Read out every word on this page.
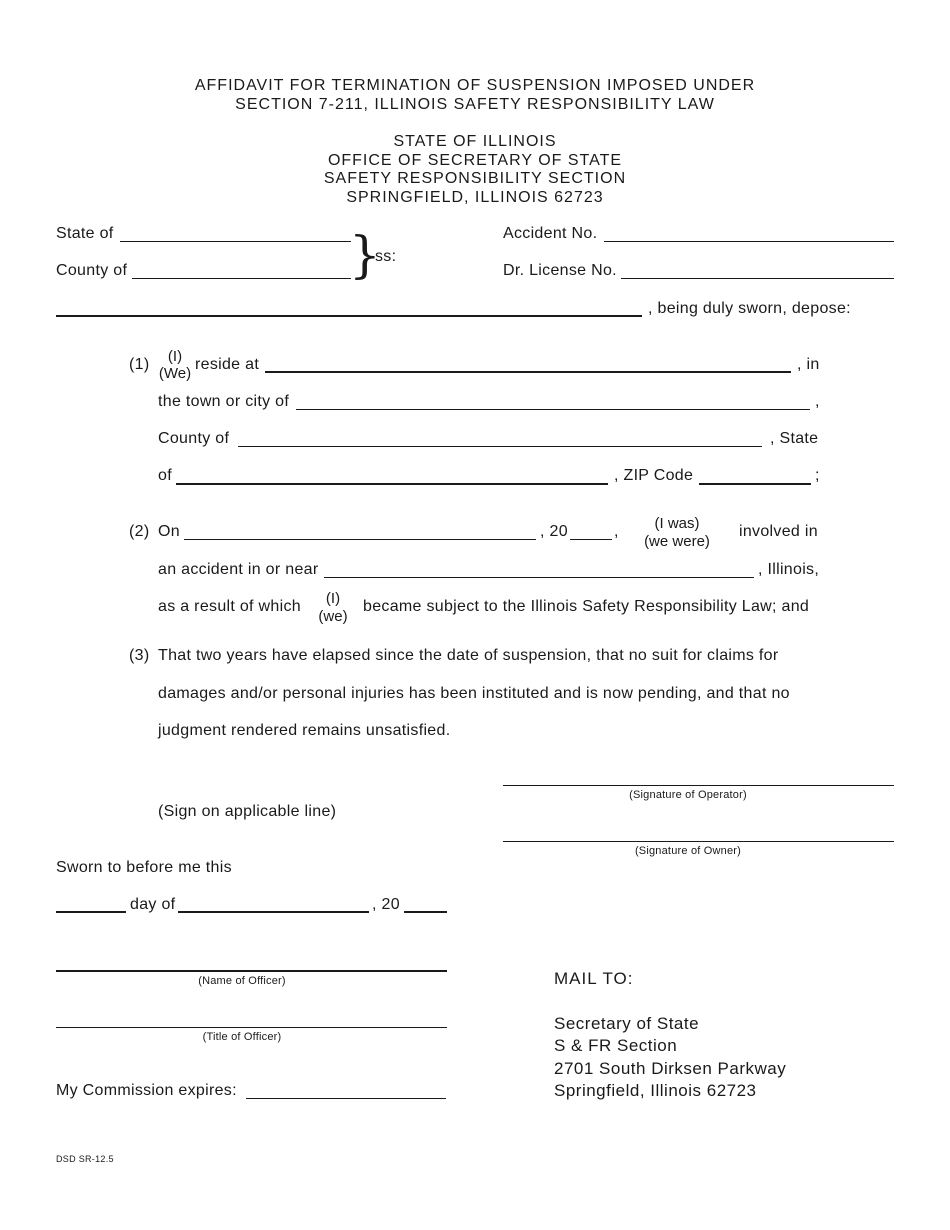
AFFIDAVIT FOR TERMINATION OF SUSPENSION IMPOSED UNDER
SECTION 7-211, ILLINOIS SAFETY RESPONSIBILITY LAW
STATE OF ILLINOIS
OFFICE OF SECRETARY OF STATE
SAFETY RESPONSIBILITY SECTION
SPRINGFIELD, ILLINOIS 62723
State of
County of	}
ss:
Accident No.
Dr. License No.
, being duly sworn, depose:
(1)	(I)
(We)
reside at	, in
the town or city of	,
County of	, State
of	, ZIP Code	;
(2) On	, 20	,	(I was)
(we were)
involved in
an accident in or near	, Illinois,
as a result of which	(I)
(we)
became subject to the Illinois Safety Responsibility Law; and
(3) That two years have elapsed since the date of suspension, that no suit for claims for
damages and/or personal injuries has been instituted and is now pending, and that no
judgment rendered remains unsatisfied.
(Signature of Operator)
(Sign on applicable line)
(Signature of Owner)
Sworn to before me this
day of	, 20
(Name of Officer)
(Title of Officer)
My Commission expires:
MAIL TO:
Secretary of State
S & FR Section
2701 South Dirksen Parkway
Springfield, Illinois 62723
DSD SR-12.5
